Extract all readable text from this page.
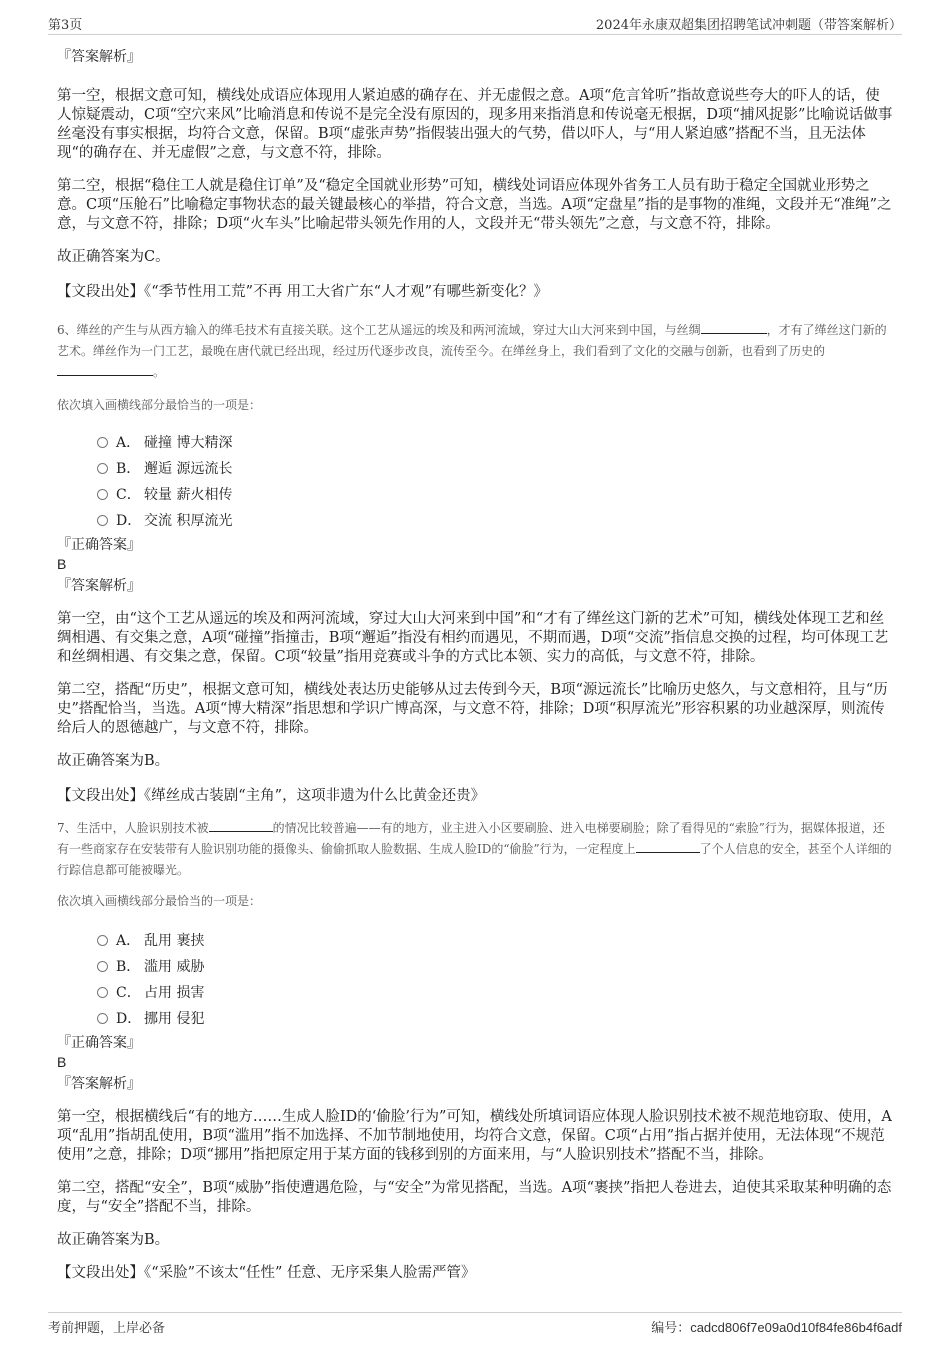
第3页	2024年永康双超集团招聘笔试冲刺题（带答案解析）

『答案解析』

第一空，根据文意可知，横线处成语应体现用人紧迫感的确存在、并无虚假之意。A项“危言耸听”指故意说些夸大的吓人的话，使人惊疑震动，C项“空穴来风”比喻消息和传说不是完全没有原因的，现多用来指消息和传说毫无根据，D项“捕风捉影”比喻说话做事丝毫没有事实根据，均符合文意，保留。B项“虚张声势”指假装出强大的气势，借以吓人，与“用人紧迫感”搭配不当，且无法体现“的确存在、并无虚假”之意，与文意不符，排除。

第二空，根据“稳住工人就是稳住订单”及“稳定全国就业形势”可知，横线处词语应体现外省务工人员有助于稳定全国就业形势之意。C项“压舱石”比喻稳定事物状态的最关键最核心的举措，符合文意，当选。A项“定盘星”指的是事物的准绳，文段并无“准绳”之意，与文意不符，排除；D项“火车头”比喻起带头领先作用的人，文段并无“带头领先”之意，与文意不符，排除。

故正确答案为C。

【文段出处】《“季节性用工荒”不再 用工大省广东“人才观”有哪些新变化？》

6、缂丝的产生与从西方输入的缂毛技术有直接关联。这个工艺从遥远的埃及和两河流域，穿过大山大河来到中国，与丝绸	，才有了缂丝这门新的艺术。缂丝作为一门工艺，最晚在唐代就已经出现，经过历代逐步改良，流传至今。在缂丝身上，我们看到了文化的交融与创新，也看到了历史的。

依次填入画横线部分最恰当的一项是：

A． 碰撞 博大精深
B． 邂逅 源远流长
C． 较量 薪火相传
D． 交流 积厚流光

『正确答案』

B

『答案解析』

第一空，由“这个工艺从遥远的埃及和两河流域，穿过大山大河来到中国”和“才有了缂丝这门新的艺术”可知，横线处体现工艺和丝绸相遇、有交集之意，A项“碰撞”指撞击，B项“邂逅”指没有相约而遇见，不期而遇，D项“交流”指信息交换的过程，均可体现工艺和丝绸相遇、有交集之意，保留。C项“较量”指用竞赛或斗争的方式比本领、实力的高低，与文意不符，排除。

第二空，搭配“历史”，根据文意可知，横线处表达历史能够从过去传到今天，B项“源远流长”比喻历史悠久，与文意相符，且与“历史”搭配恰当，当选。A项“博大精深”指思想和学识广博高深，与文意不符，排除；D项“积厚流光”形容积累的功业越深厚，则流传给后人的恩德越广，与文意不符，排除。

故正确答案为B。

【文段出处】《缂丝成古装剧“主角”，这项非遗为什么比黄金还贵》

7、生活中，人脸识别技术被	的情况比较普遍——有的地方，业主进入小区要刷脸、进入电梯要刷脸；除了看得见的“索脸”行为，据媒体报道，还有一些商家存在安装带有人脸识别功能的摄像头、偷偷抓取人脸数据、生成人脸ID的“偷脸”行为，一定程度上	了个人信息的安全，甚至个人详细的行踪信息都可能被曝光。

依次填入画横线部分最恰当的一项是：

A． 乱用 裹挟
B． 滥用 威胁
C． 占用 损害
D． 挪用 侵犯

『正确答案』

B

『答案解析』

第一空，根据横线后“有的地方……生成人脸ID的‘偷脸’行为”可知，横线处所填词语应体现人脸识别技术被不规范地窃取、使用，A项“乱用”指胡乱使用，B项“滥用”指不加选择、不加节制地使用，均符合文意，保留。C项“占用”指占据并使用，无法体现“不规范使用”之意，排除；D项“挪用”指把原定用于某方面的钱移到别的方面来用，与“人脸识别技术”搭配不当，排除。

第二空，搭配“安全”，B项“威胁”指使遭遇危险，与“安全”为常见搭配，当选。A项“裹挟”指把人卷进去，迫使其采取某种明确的态度，与“安全”搭配不当，排除。

故正确答案为B。

【文段出处】《“采脸”不该太“任性” 任意、无序采集人脸需严管》

考前押题，上岸必备	编号：cadcd806f7e09a0d10f84fe86b4f6adf
